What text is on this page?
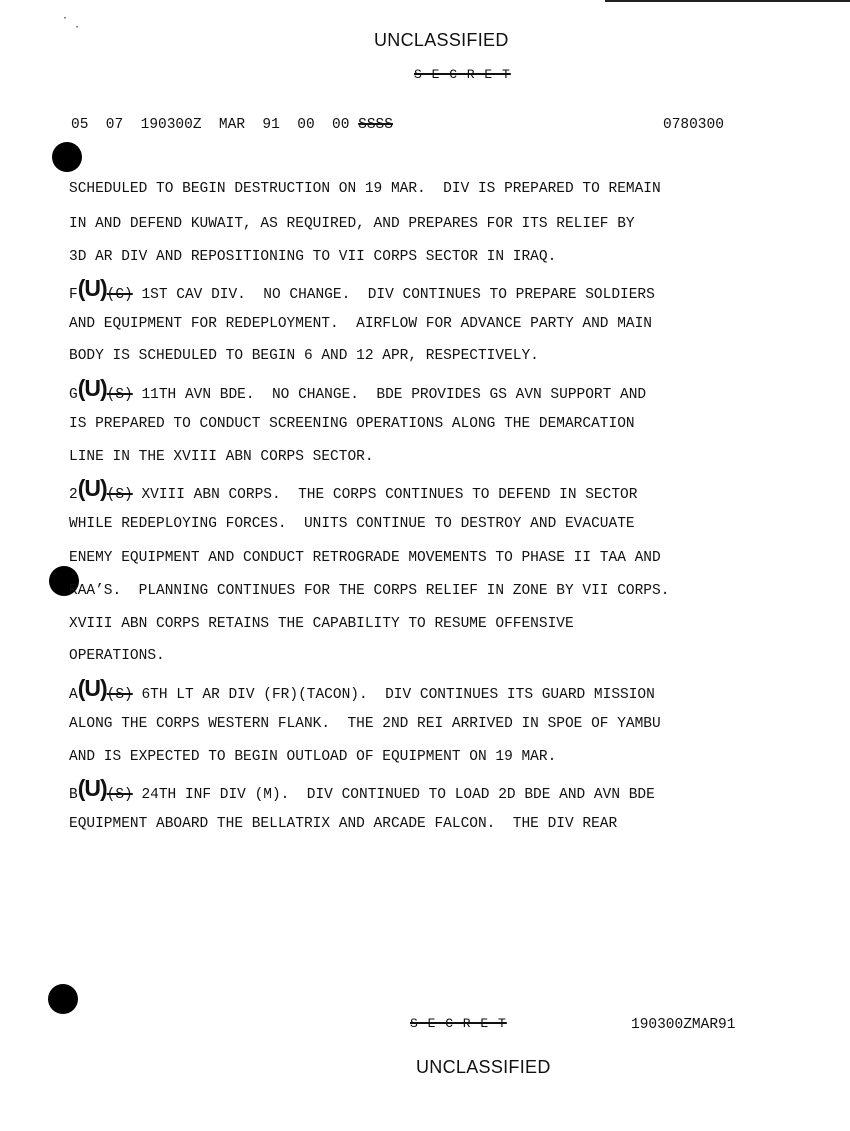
·
·
UNCLASSIFIED
S E C R E T
05  07  190300Z  MAR  91  00  00 SSSS	0780300
SCHEDULED TO BEGIN DESTRUCTION ON 19 MAR.  DIV IS PREPARED TO REMAIN
IN AND DEFEND KUWAIT, AS REQUIRED, AND PREPARES FOR ITS RELIEF BY
3D AR DIV AND REPOSITIONING TO VII CORPS SECTOR IN IRAQ.
F(U)(C) 1ST CAV DIV.  NO CHANGE.  DIV CONTINUES TO PREPARE SOLDIERS
AND EQUIPMENT FOR REDEPLOYMENT.  AIRFLOW FOR ADVANCE PARTY AND MAIN
BODY IS SCHEDULED TO BEGIN 6 AND 12 APR, RESPECTIVELY.
G(U)(S) 11TH AVN BDE.  NO CHANGE.  BDE PROVIDES GS AVN SUPPORT AND
IS PREPARED TO CONDUCT SCREENING OPERATIONS ALONG THE DEMARCATION
LINE IN THE XVIII ABN CORPS SECTOR.
2(U)(S) XVIII ABN CORPS.  THE CORPS CONTINUES TO DEFEND IN SECTOR
WHILE REDEPLOYING FORCES.  UNITS CONTINUE TO DESTROY AND EVACUATE
ENEMY EQUIPMENT AND CONDUCT RETROGRADE MOVEMENTS TO PHASE II TAA AND
RAA’S.  PLANNING CONTINUES FOR THE CORPS RELIEF IN ZONE BY VII CORPS.
XVIII ABN CORPS RETAINS THE CAPABILITY TO RESUME OFFENSIVE
OPERATIONS.
A(U)(S) 6TH LT AR DIV (FR)(TACON).  DIV CONTINUES ITS GUARD MISSION
ALONG THE CORPS WESTERN FLANK.  THE 2ND REI ARRIVED IN SPOE OF YAMBU
AND IS EXPECTED TO BEGIN OUTLOAD OF EQUIPMENT ON 19 MAR.
B(U)(S) 24TH INF DIV (M).  DIV CONTINUED TO LOAD 2D BDE AND AVN BDE
EQUIPMENT ABOARD THE BELLATRIX AND ARCADE FALCON.  THE DIV REAR
S E C R E T	190300ZMAR91
UNCLASSIFIED
